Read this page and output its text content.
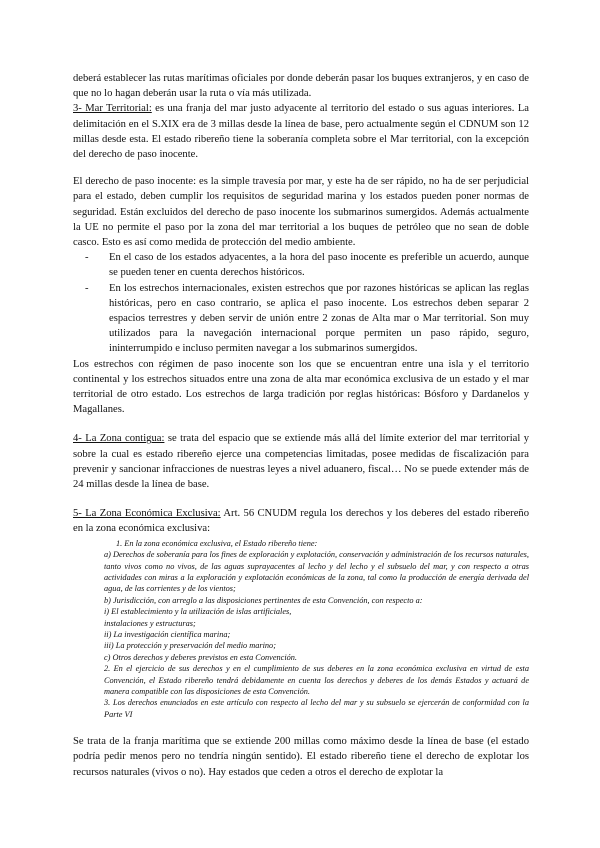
deberá establecer las rutas marítimas oficiales por donde deberán pasar los buques extranjeros, y en caso de que no lo hagan deberán usar la ruta o vía más utilizada.

3- Mar Territorial: es una franja del mar justo adyacente al territorio del estado o sus aguas interiores. La delimitación en el S.XIX era de 3 millas desde la línea de base, pero actualmente según el CDNUM son 12 millas desde esta. El estado ribereño tiene la soberanía completa sobre el Mar territorial, con la excepción del derecho de paso inocente.

El derecho de paso inocente: es la simple travesía por mar, y este ha de ser rápido, no ha de ser perjudicial para el estado, deben cumplir los requisitos de seguridad marina y los estados pueden poner normas de seguridad. Están excluidos del derecho de paso inocente los submarinos sumergidos. Además actualmente la UE no permite el paso por la zona del mar territorial a los buques de petróleo que no sean de doble casco. Esto es así como medida de protección del medio ambiente.

- En el caso de los estados adyacentes, a la hora del paso inocente es preferible un acuerdo, aunque se pueden tener en cuenta derechos históricos.
- En los estrechos internacionales, existen estrechos que por razones históricas se aplican las reglas históricas, pero en caso contrario, se aplica el paso inocente. Los estrechos deben separar 2 espacios terrestres y deben servir de unión entre 2 zonas de Alta mar o Mar territorial. Son muy utilizados para la navegación internacional porque permiten un paso rápido, seguro, ininterrumpido e incluso permiten navegar a los submarinos sumergidos.

Los estrechos con régimen de paso inocente son los que se encuentran entre una isla y el territorio continental y los estrechos situados entre una zona de alta mar económica exclusiva de un estado y el mar territorial de otro estado. Los estrechos de larga tradición por reglas históricas: Bósforo y Dardanelos y Magallanes.

4- La Zona contigua: se trata del espacio que se extiende más allá del límite exterior del mar territorial y sobre la cual es estado ribereño ejerce una competencias limitadas, posee medidas de fiscalización para prevenir y sancionar infracciones de nuestras leyes a nivel aduanero, fiscal… No se puede extender más de 24 millas desde la línea de base.

5- La Zona Económica Exclusiva: Art. 56 CNUDM regula los derechos y los deberes del estado ribereño en la zona económica exclusiva:

1. En la zona económica exclusiva, el Estado ribereño tiene:
a) Derechos de soberanía para los fines de exploración y explotación, conservación y administración de los recursos naturales, tanto vivos como no vivos, de las aguas suprayacentes al lecho y del lecho y el subsuelo del mar, y con respecto a otras actividades con miras a la exploración y explotación económicas de la zona, tal como la producción de energía derivada del agua, de las corrientes y de los vientos;
b) Jurisdicción, con arreglo a las disposiciones pertinentes de esta Convención, con respecto a:
i) El establecimiento y la utilización de islas artificiales,
instalaciones y estructuras;
ii) La investigación científica marina;
iii) La protección y preservación del medio marino;
c) Otros derechos y deberes previstos en esta Convención.
2. En el ejercicio de sus derechos y en el cumplimiento de sus deberes en la zona económica exclusiva en virtud de esta Convención, el Estado ribereño tendrá debidamente en cuenta los derechos y deberes de los demás Estados y actuará de manera compatible con las disposiciones de esta Convención.
3. Los derechos enunciados en este artículo con respecto al lecho del mar y su subsuelo se ejercerán de conformidad con la Parte VI

Se trata de la franja marítima que se extiende 200 millas como máximo desde la línea de base (el estado podría pedir menos pero no tendría ningún sentido). El estado ribereño tiene el derecho de explotar los recursos naturales (vivos o no). Hay estados que ceden a otros el derecho de explotar la
